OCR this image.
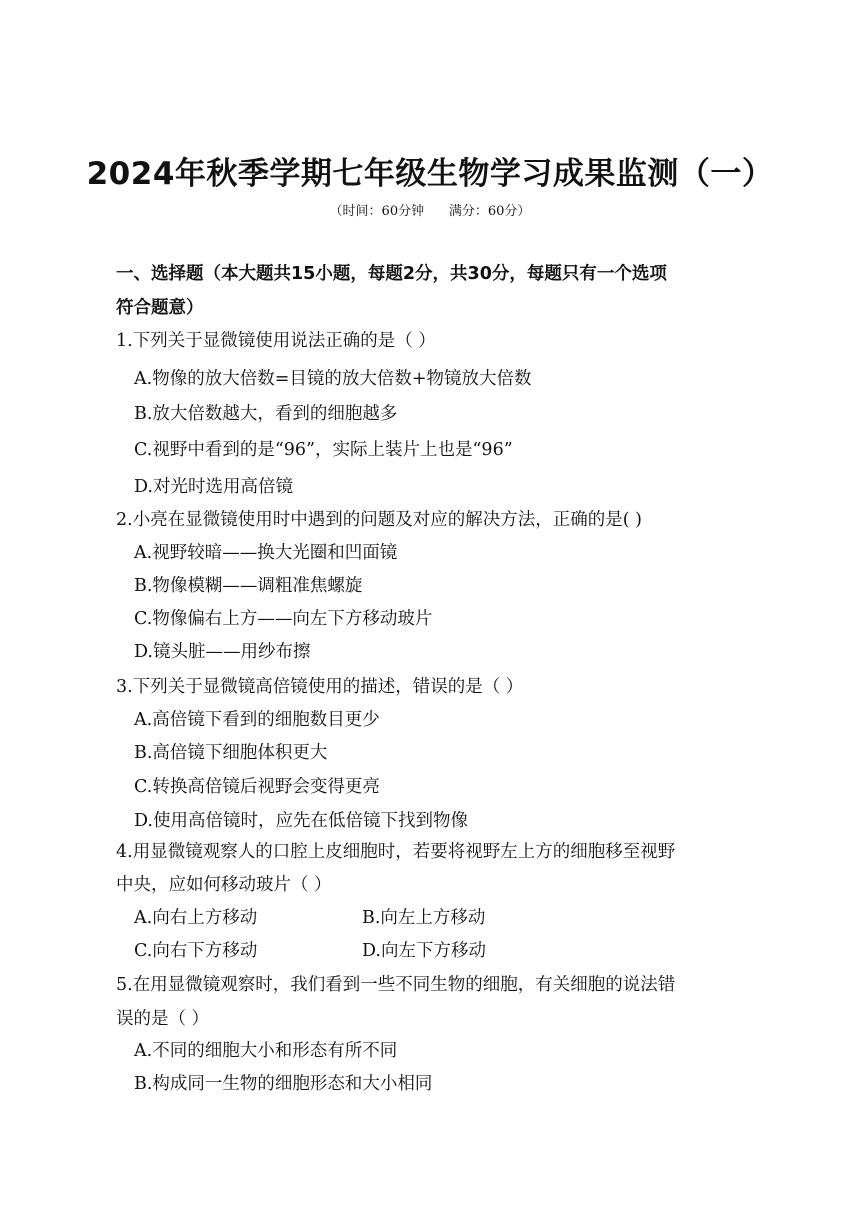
2024年秋季学期七年级生物学习成果监测（一）
（时间：60分钟      满分：60分）
一、选择题（本大题共15小题，每题2分，共30分，每题只有一个选项
符合题意）
1.下列关于显微镜使用说法正确的是（ ）
A.物像的放大倍数=目镜的放大倍数+物镜放大倍数
B.放大倍数越大，看到的细胞越多
C.视野中看到的是“96”，实际上装片上也是“96”
D.对光时选用高倍镜
2.小亮在显微镜使用时中遇到的问题及对应的解决方法，正确的是( )
A.视野较暗——换大光圈和凹面镜
B.物像模糊——调粗准焦螺旋
C.物像偏右上方——向左下方移动玻片
D.镜头脏——用纱布擦
3.下列关于显微镜高倍镜使用的描述，错误的是（ ）
A.高倍镜下看到的细胞数目更少
B.高倍镜下细胞体积更大
C.转换高倍镜后视野会变得更亮
D.使用高倍镜时，应先在低倍镜下找到物像
4.用显微镜观察人的口腔上皮细胞时，若要将视野左上方的细胞移至视野
中央，应如何移动玻片（ ）
A.向右上方移动	B.向左上方移动
C.向右下方移动	D.向左下方移动
5.在用显微镜观察时，我们看到一些不同生物的细胞，有关细胞的说法错
误的是（ ）
A.不同的细胞大小和形态有所不同
B.构成同一生物的细胞形态和大小相同
